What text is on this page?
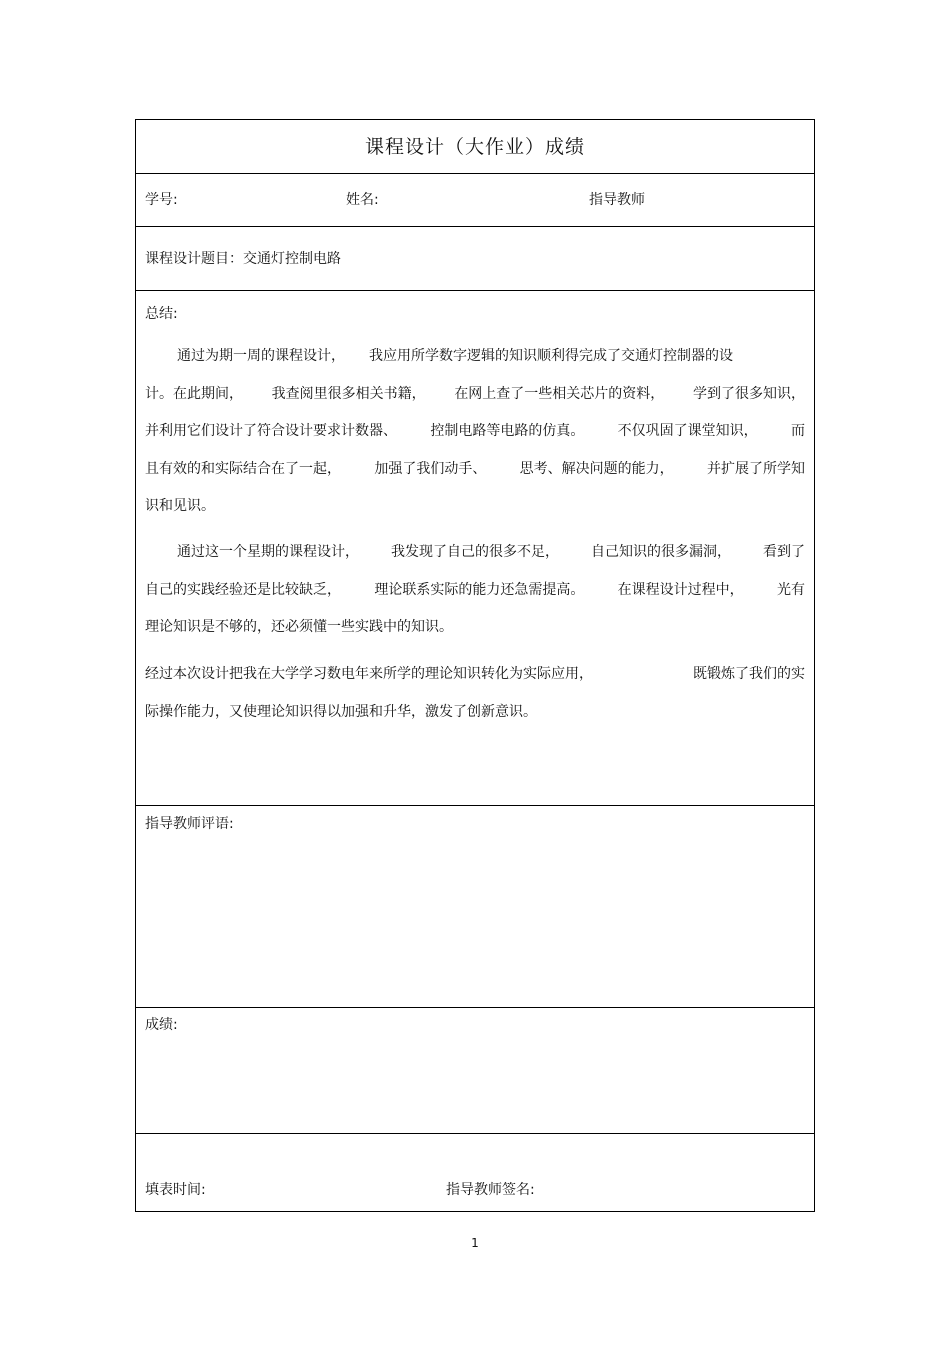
课程设计（大作业）成绩
学号:	姓名:	指导教师
课程设计题目：交通灯控制电路
总结:
通过为期一周的课程设计， 我应用所学数字逻辑的知识顺利得完成了交通灯控制器的设
计。在此期间， 我查阅里很多相关书籍， 在网上查了一些相关芯片的资料， 学到了很多知识，
并利用它们设计了符合设计要求计数器、 控制电路等电路的仿真。 不仅巩固了课堂知识， 而
且有效的和实际结合在了一起， 加强了我们动手、 思考、解决问题的能力， 并扩展了所学知
识和见识。
通过这一个星期的课程设计， 我发现了自己的很多不足， 自己知识的很多漏洞， 看到了
自己的实践经验还是比较缺乏， 理论联系实际的能力还急需提高。 在课程设计过程中， 光有
理论知识是不够的，还必须懂一些实践中的知识。
经过本次设计把我在大学学习数电年来所学的理论知识转化为实际应用，	既锻炼了我们的实
际操作能力，又使理论知识得以加强和升华，激发了创新意识。
指导教师评语:
成绩:
填表时间:	指导教师签名:
1
